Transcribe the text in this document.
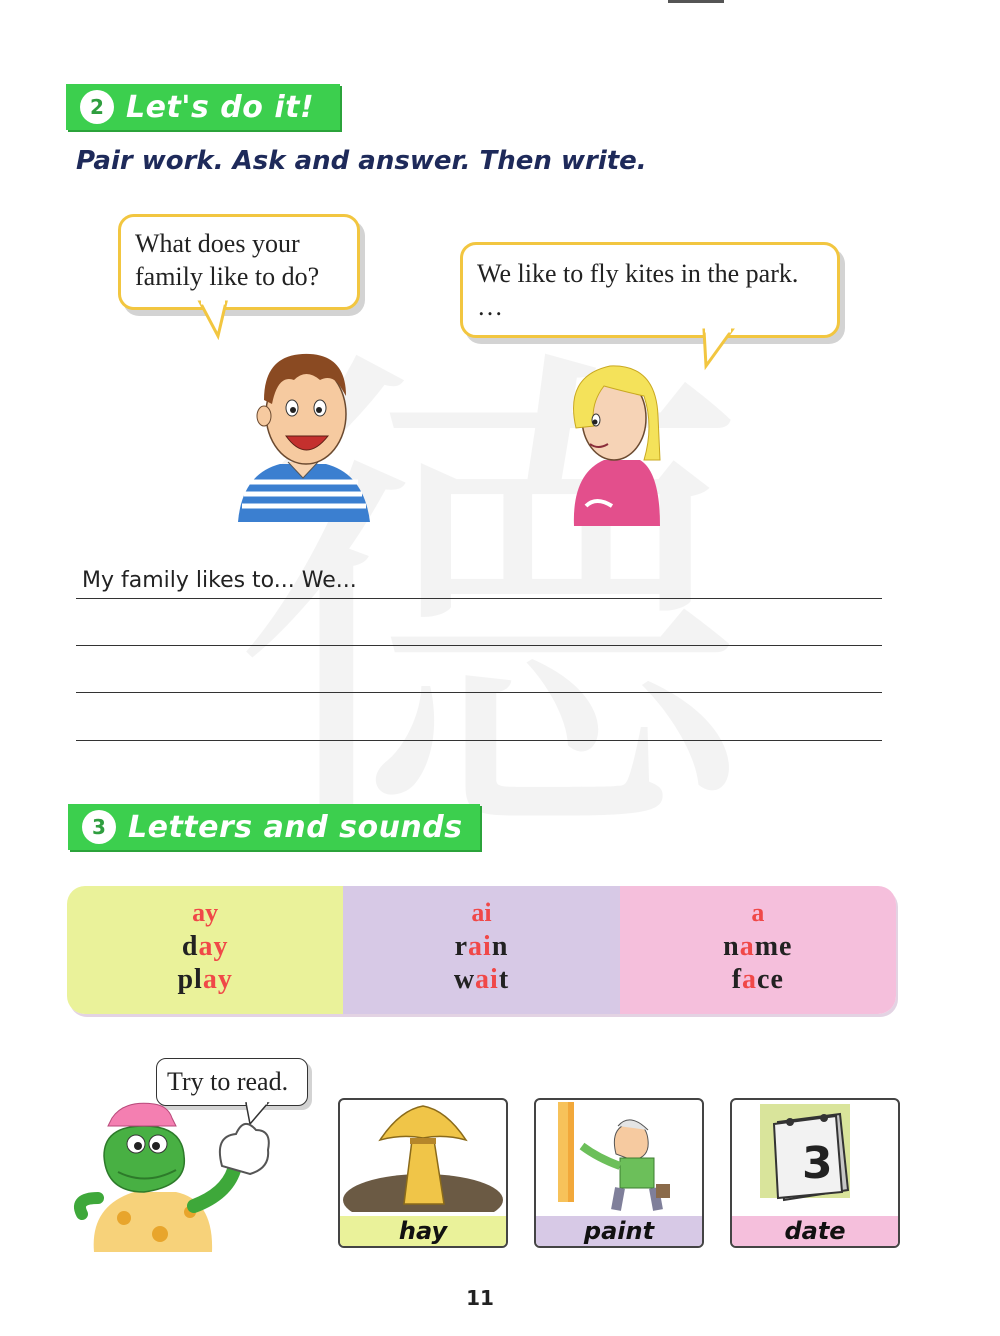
2 Let's do it!
Pair work. Ask and answer. Then write.
What does your
family like to do?	We like to fly kites in the park.
…
My family likes to... We...
3 Letters and sounds
ay
day
play
ai
rain
wait
a
name
face
Try to read.
hay	paint
3
date
11
